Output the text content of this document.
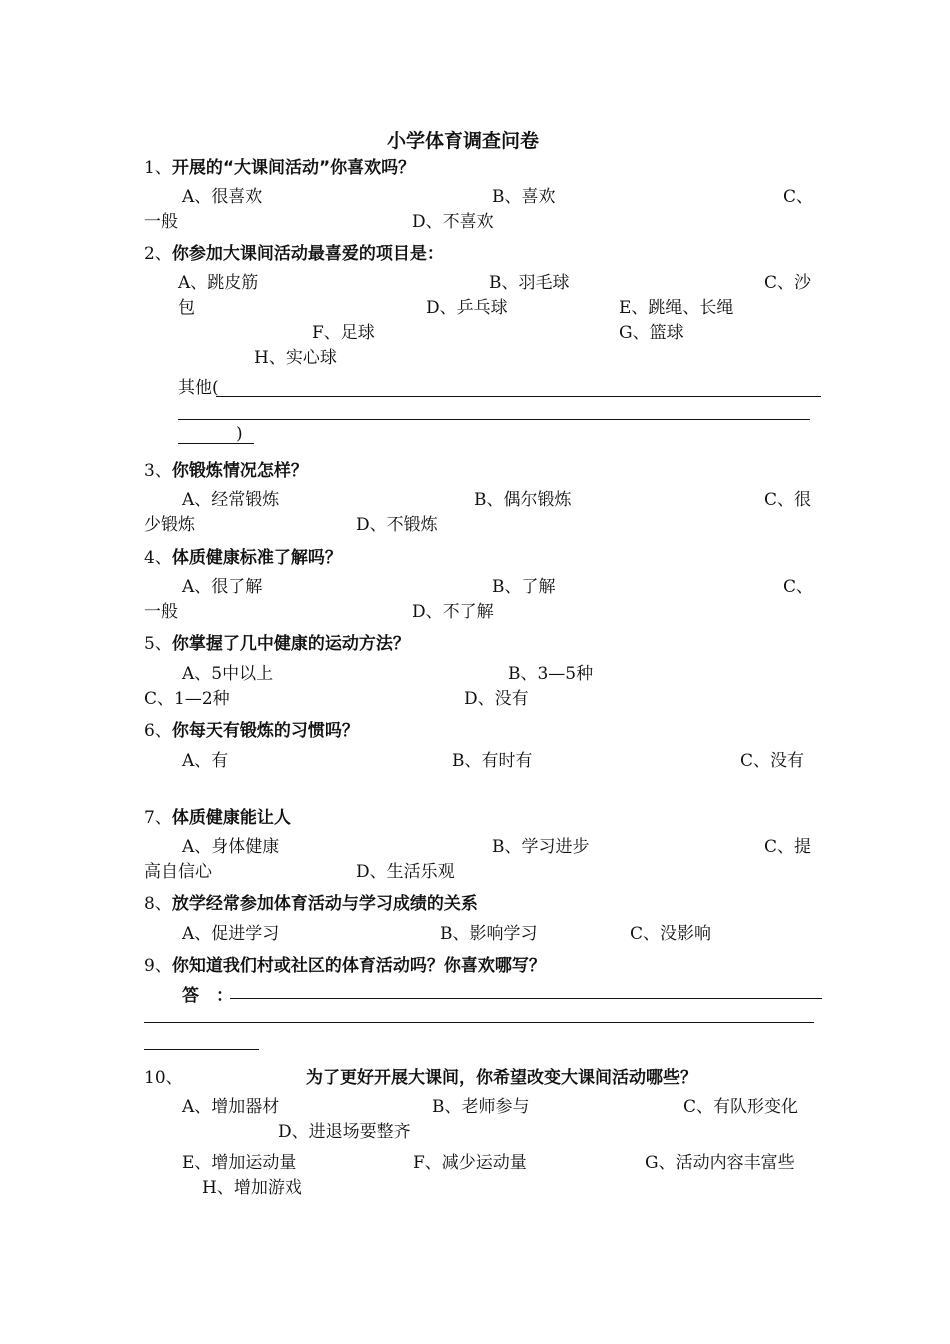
小学体育调查问卷
1、开展的“大课间活动”你喜欢吗？
A、很喜欢	B、喜欢	C、
一般	D、不喜欢
2、你参加大课间活动最喜爱的项目是：
A、跳皮筋	B、羽毛球	C、沙
包	D、乒乓球	E、跳绳、长绳
F、足球	G、篮球
H、实心球
其他(
)
3、你锻炼情况怎样？
A、经常锻炼	B、偶尔锻炼	C、很
少锻炼	D、不锻炼
4、体质健康标准了解吗？
A、很了解	B、了解	C、
一般	D、不了解
5、你掌握了几中健康的运动方法？
A、5中以上	B、3—5种
C、1—2种	D、没有
6、你每天有锻炼的习惯吗？
A、有	B、有时有	C、没有
7、体质健康能让人
A、身体健康	B、学习进步	C、提
高自信心	D、生活乐观
8、放学经常参加体育活动与学习成绩的关系
A、促进学习	B、影响学习	C、没影响
9、你知道我们村或社区的体育活动吗？你喜欢哪写？
答　：
10、	为了更好开展大课间，你希望改变大课间活动哪些？
A、增加器材	B、老师参与	C、有队形变化
D、进退场要整齐
E、增加运动量	F、减少运动量	G、活动内容丰富些
H、增加游戏
